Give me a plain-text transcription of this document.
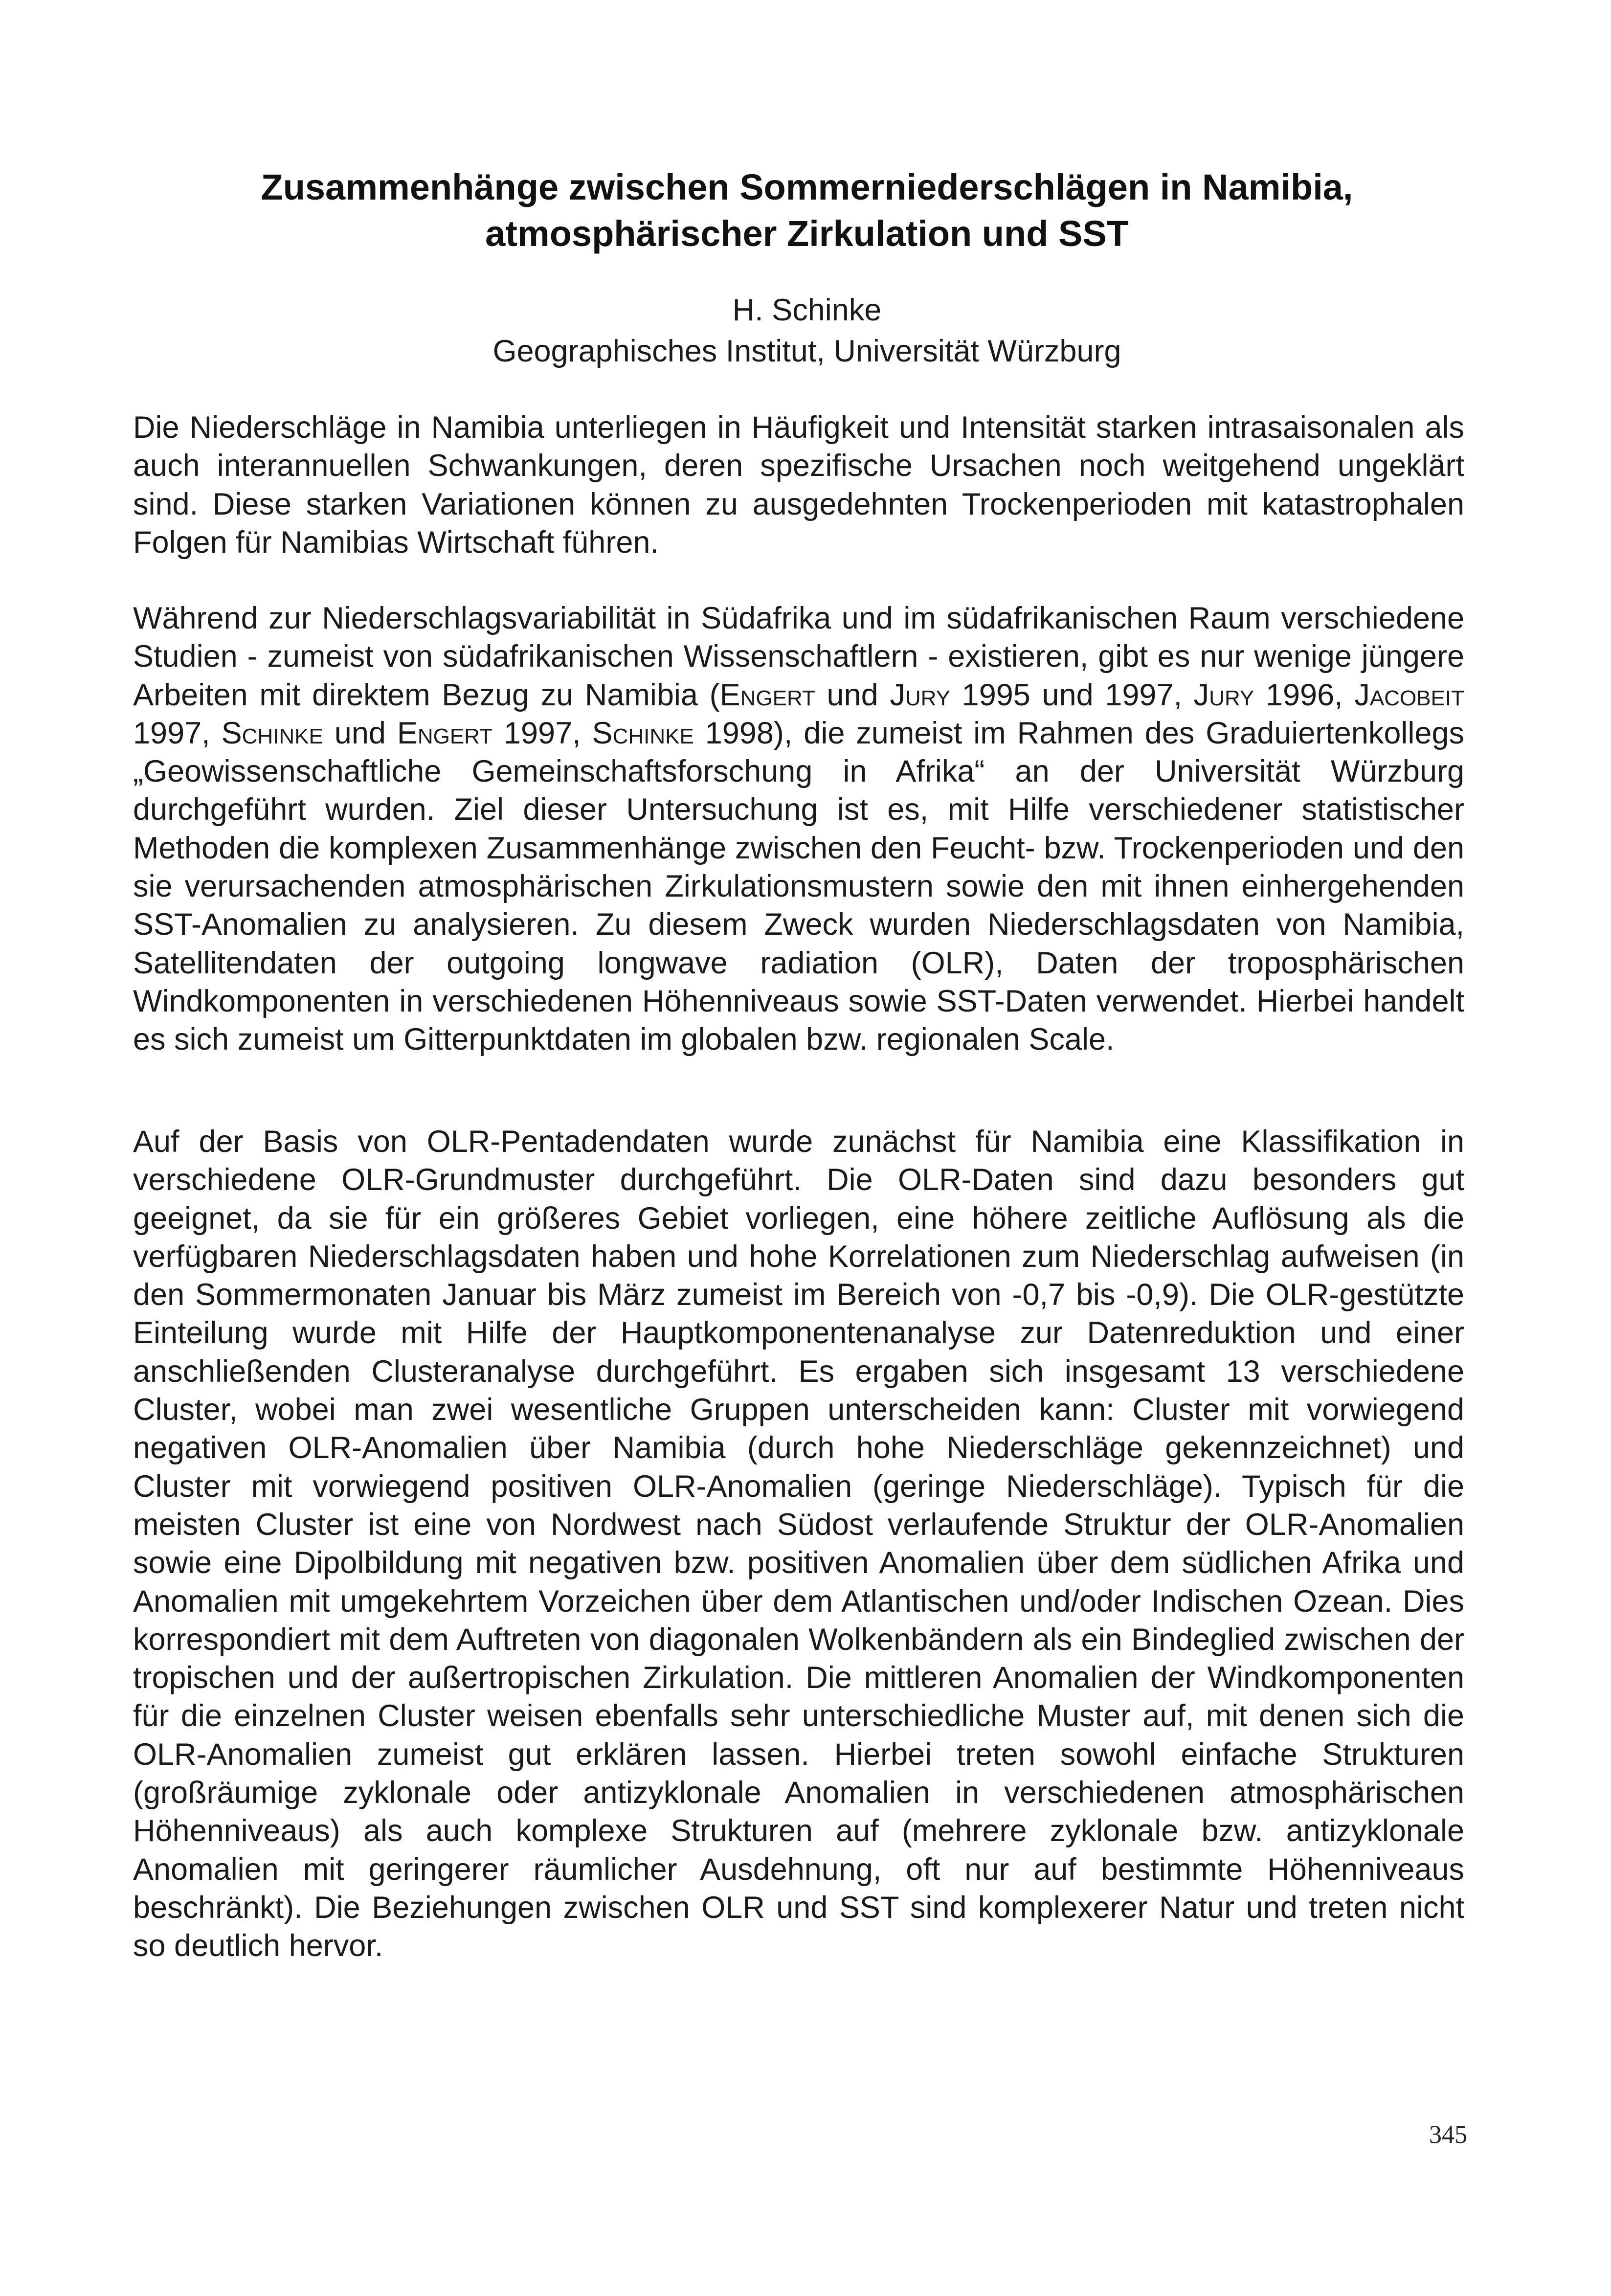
Zusammenhänge zwischen Sommerniederschlägen in Namibia,
atmosphärischer Zirkulation und SST
H. Schinke
Geographisches Institut, Universität Würzburg

Die Niederschläge in Namibia unterliegen in Häufigkeit und Intensität starken intrasaisonalen als auch interannuellen Schwankungen, deren spezifische Ursachen noch weitgehend ungeklärt sind. Diese starken Variationen können zu ausgedehnten Trockenperioden mit katastrophalen Folgen für Namibias Wirtschaft führen.

Während zur Niederschlagsvariabilität in Südafrika und im südafrikanischen Raum verschiedene Studien - zumeist von südafrikanischen Wissenschaftlern - existieren, gibt es nur wenige jüngere Arbeiten mit direktem Bezug zu Namibia (Engert und Jury 1995 und 1997, Jury 1996, Jacobeit 1997, Schinke und Engert 1997, Schinke 1998), die zumeist im Rahmen des Graduiertenkollegs „Geowissenschaftliche Gemeinschaftsforschung in Afrika“ an der Universität Würzburg durchgeführt wurden. Ziel dieser Untersuchung ist es, mit Hilfe verschiedener statistischer Methoden die komplexen Zusammenhänge zwischen den Feucht- bzw. Trockenperioden und den sie verursachenden atmosphärischen Zirkulationsmustern sowie den mit ihnen einhergehenden SST-Anomalien zu analysieren. Zu diesem Zweck wurden Niederschlagsdaten von Namibia, Satellitendaten der outgoing longwave radiation (OLR), Daten der troposphärischen Windkomponenten in verschiedenen Höhenniveaus sowie SST-Daten verwendet. Hierbei handelt es sich zumeist um Gitterpunktdaten im globalen bzw. regionalen Scale.

Auf der Basis von OLR-Pentadendaten wurde zunächst für Namibia eine Klassifikation in verschiedene OLR-Grundmuster durchgeführt. Die OLR-Daten sind dazu besonders gut geeignet, da sie für ein größeres Gebiet vorliegen, eine höhere zeitliche Auflösung als die verfügbaren Niederschlagsdaten haben und hohe Korrelationen zum Niederschlag aufweisen (in den Sommermonaten Januar bis März zumeist im Bereich von -0,7 bis -0,9). Die OLR-gestützte Einteilung wurde mit Hilfe der Hauptkomponentenanalyse zur Datenreduktion und einer anschließenden Clusteranalyse durchgeführt. Es ergaben sich insgesamt 13 verschiedene Cluster, wobei man zwei wesentliche Gruppen unterscheiden kann: Cluster mit vorwiegend negativen OLR-Anomalien über Namibia (durch hohe Niederschläge gekennzeichnet) und Cluster mit vorwiegend positiven OLR-Anomalien (geringe Niederschläge). Typisch für die meisten Cluster ist eine von Nordwest nach Südost verlaufende Struktur der OLR-Anomalien sowie eine Dipolbildung mit negativen bzw. positiven Anomalien über dem südlichen Afrika und Anomalien mit umgekehrtem Vorzeichen über dem Atlantischen und/oder Indischen Ozean. Dies korrespondiert mit dem Auftreten von diagonalen Wolkenbändern als ein Bindeglied zwischen der tropischen und der außertropischen Zirkulation. Die mittleren Anomalien der Windkomponenten für die einzelnen Cluster weisen ebenfalls sehr unterschiedliche Muster auf, mit denen sich die OLR-Anomalien zumeist gut erklären lassen. Hierbei treten sowohl einfache Strukturen (großräumige zyklonale oder antizyklonale Anomalien in verschiedenen atmosphärischen Höhenniveaus) als auch komplexe Strukturen auf (mehrere zyklonale bzw. antizyklonale Anomalien mit geringerer räumlicher Ausdehnung, oft nur auf bestimmte Höhenniveaus beschränkt). Die Beziehungen zwischen OLR und SST sind komplexerer Natur und treten nicht so deutlich hervor.

345
